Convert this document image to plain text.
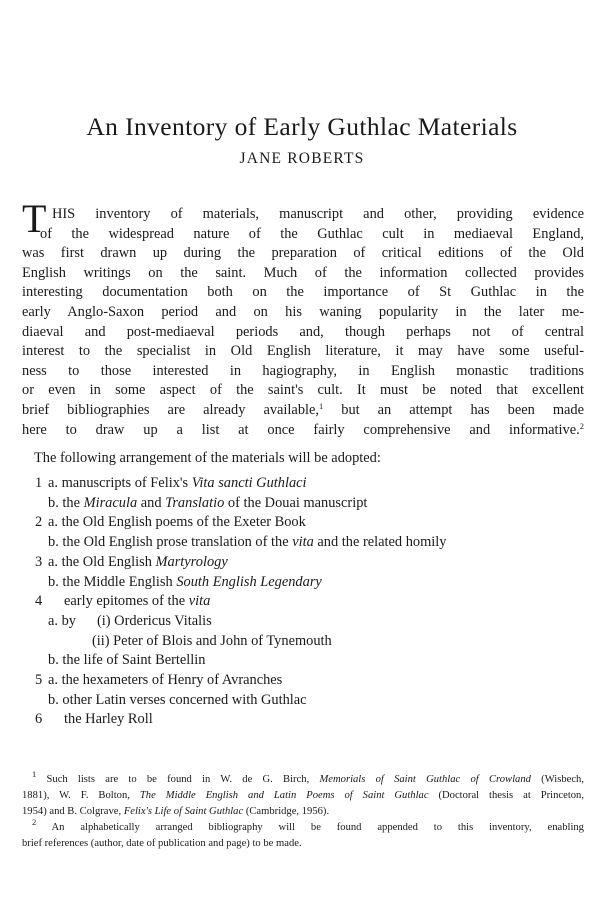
An Inventory of Early Guthlac Materials
JANE ROBERTS
T HIS inventory of materials, manuscript and other, providing evidence
of the widespread nature of the Guthlac cult in mediaeval England,
was first drawn up during the preparation of critical editions of the Old
English writings on the saint. Much of the information collected provides
interesting documentation both on the importance of St Guthlac in the
early Anglo-Saxon period and on his waning popularity in the later me-
diaeval and post-mediaeval periods and, though perhaps not of central
interest to the specialist in Old English literature, it may have some useful-
ness to those interested in hagiography, in English monastic traditions
or even in some aspect of the saint's cult. It must be noted that excellent
brief bibliographies are already available,$^1$ but an attempt has been made
here to draw up a list at once fairly comprehensive and informative.$^2$
The following arrangement of the materials will be adopted:
1 a. manuscripts of Felix's Vita sancti Guthlaci
b. the Miracula and Translatio of the Douai manuscript
2 a. the Old English poems of the Exeter Book
b. the Old English prose translation of the vita and the related homily
3 a. the Old English Martyrology
b. the Middle English South English Legendary
4 early epitomes of the vita
a. by (i) Ordericus Vitalis
(ii) Peter of Blois and John of Tynemouth
b. the life of Saint Bertellin
5 a. the hexameters of Henry of Avranches
b. other Latin verses concerned with Guthlac
6 the Harley Roll
$^1$ Such lists are to be found in W. de G. Birch, Memorials of Saint Guthlac of Crowland (Wisbech,
1881), W. F. Bolton, The Middle English and Latin Poems of Saint Guthlac (Doctoral thesis at Princeton,
1954) and B. Colgrave, Felix's Life of Saint Guthlac (Cambridge, 1956).
$^2$ An alphabetically arranged bibliography will be found appended to this inventory, enabling
brief references (author, date of publication and page) to be made.
